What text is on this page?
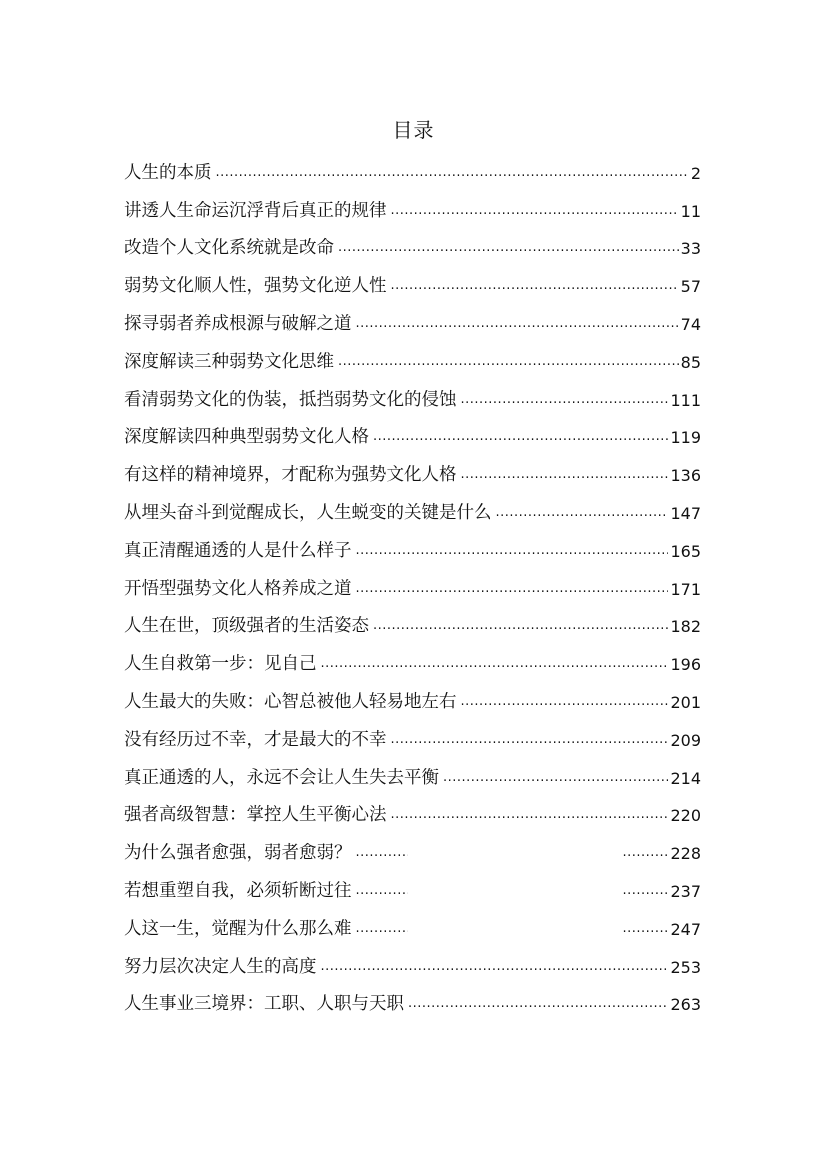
目录
人生的本质 .....	2
讲透人生命运沉浮背后真正的规律 .....	11
改造个人文化系统就是改命 .....	33
弱势文化顺人性，强势文化逆人性 .....	57
探寻弱者养成根源与破解之道 .....	74
深度解读三种弱势文化思维 .....	85
看清弱势文化的伪装，抵挡弱势文化的侵蚀 .....	111
深度解读四种典型弱势文化人格 .....	119
有这样的精神境界，才配称为强势文化人格 .....	136
从埋头奋斗到觉醒成长，人生蜕变的关键是什么 .....	147
真正清醒通透的人是什么样子 .....	165
开悟型强势文化人格养成之道 .....	171
人生在世，顶级强者的生活姿态 .....	182
人生自救第一步：见自己 .....	196
人生最大的失败：心智总被他人轻易地左右 .....	201
没有经历过不幸，才是最大的不幸 .....	209
真正通透的人，永远不会让人生失去平衡 .....	214
强者高级智慧：掌控人生平衡心法 .....	220
为什么强者愈强，弱者愈弱？ ..... .....	228
若想重塑自我，必须斩断过往 ..... .....	237
人这一生，觉醒为什么那么难 ..... .....	247
努力层次决定人生的高度 .....	253
人生事业三境界：工职、人职与天职 .....	263
